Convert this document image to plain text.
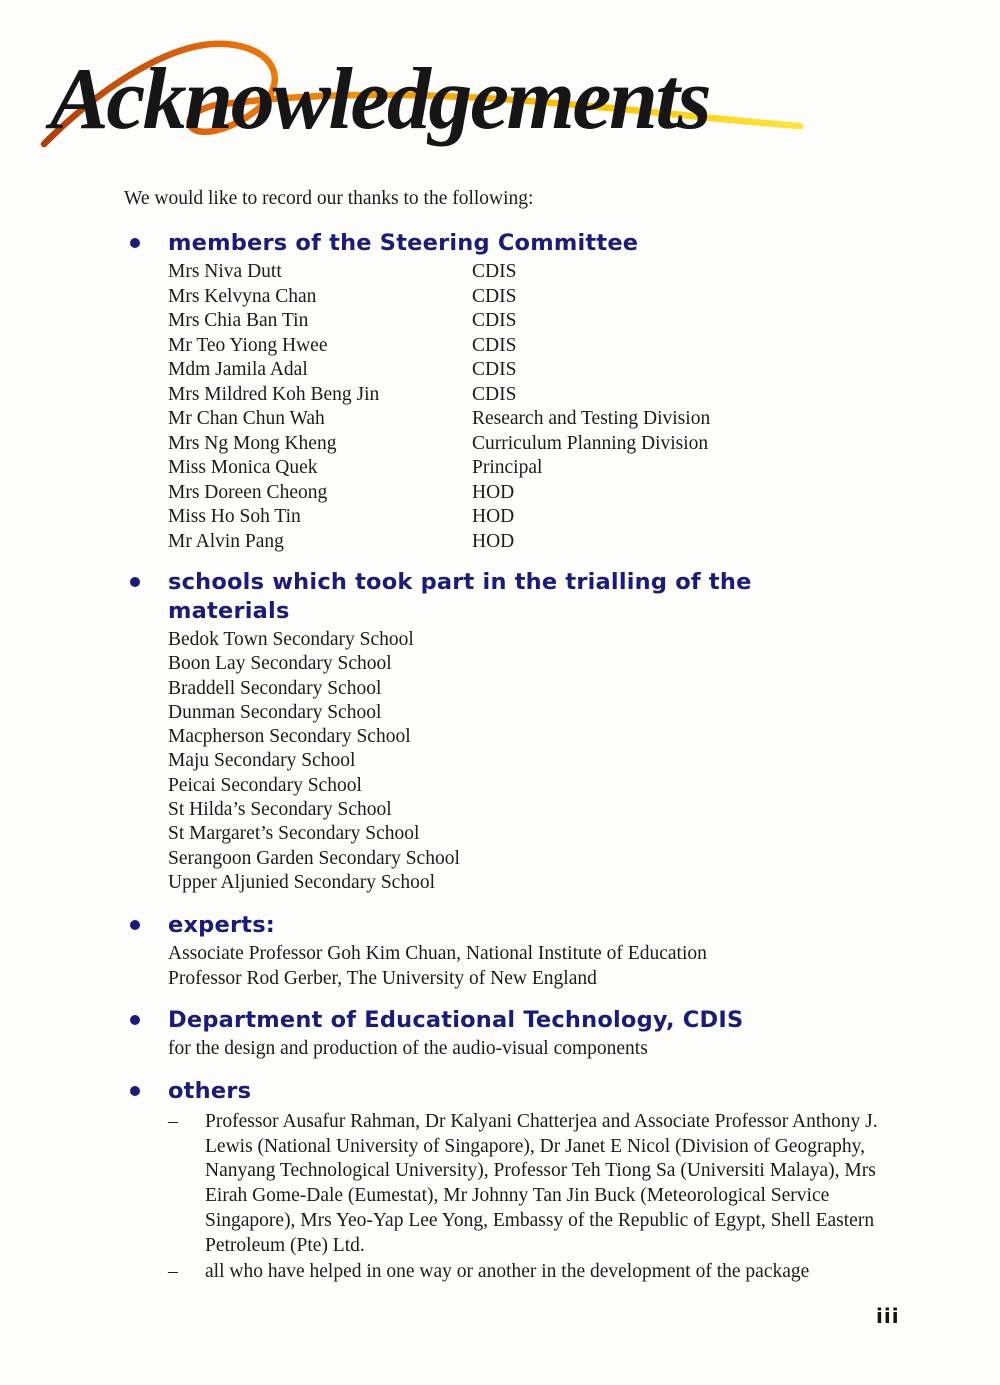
Acknowledgements

We would like to record our thanks to the following:

members of the Steering Committee
Mrs Niva Dutt	CDIS
Mrs Kelvyna Chan	CDIS
Mrs Chia Ban Tin	CDIS
Mr Teo Yiong Hwee	CDIS
Mdm Jamila Adal	CDIS
Mrs Mildred Koh Beng Jin	CDIS
Mr Chan Chun Wah	Research and Testing Division
Mrs Ng Mong Kheng	Curriculum Planning Division
Miss Monica Quek	Principal
Mrs Doreen Cheong	HOD
Miss Ho Soh Tin	HOD
Mr Alvin Pang	HOD
schools which took part in the trialling of the materials

Bedok Town Secondary School

Boon Lay Secondary School

Braddell Secondary School

Dunman Secondary School

Macpherson Secondary School

Maju Secondary School

Peicai Secondary School

St Hilda’s Secondary School

St Margaret’s Secondary School

Serangoon Garden Secondary School

Upper Aljunied Secondary School

experts:

Associate Professor Goh Kim Chuan, National Institute of Education

Professor Rod Gerber, The University of New England

Department of Educational Technology, CDIS

for the design and production of the audio-visual components

others
–	Professor Ausafur Rahman, Dr Kalyani Chatterjea and Associate Professor Anthony J. Lewis (National University of Singapore), Dr Janet E Nicol (Division of Geography, Nanyang Technological University), Professor Teh Tiong Sa (Universiti Malaya), Mrs Eirah Gome-Dale (Eumestat), Mr Johnny Tan Jin Buck (Meteorological Service Singapore), Mrs Yeo-Yap Lee Yong, Embassy of the Republic of Egypt, Shell Eastern Petroleum (Pte) Ltd.
–	all who have helped in one way or another in the development of the package

iii
